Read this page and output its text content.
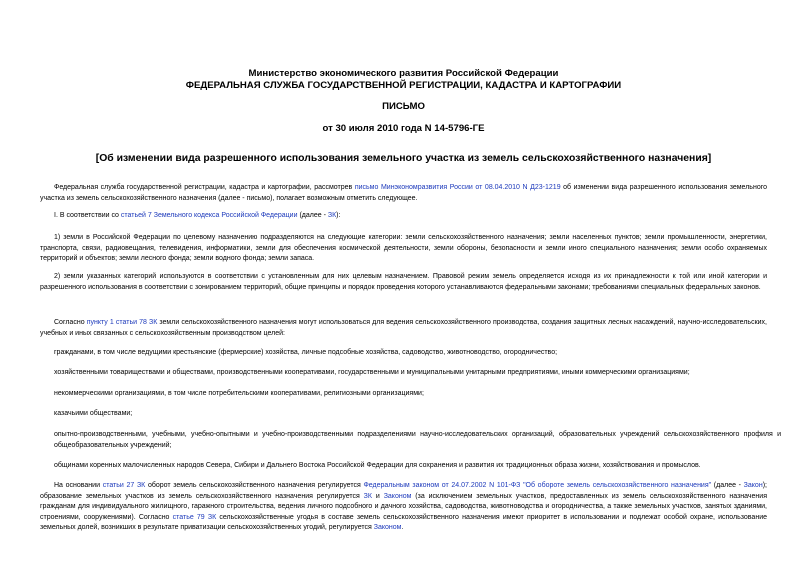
Министерство экономического развития Российской Федерации
ФЕДЕРАЛЬНАЯ СЛУЖБА ГОСУДАРСТВЕННОЙ РЕГИСТРАЦИИ, КАДАСТРА И КАРТОГРАФИИ
ПИСЬМО
от 30 июля 2010 года N 14-5796-ГЕ
[Об изменении вида разрешенного использования земельного участка из земель сельскохозяйственного назначения]
Федеральная служба государственной регистрации, кадастра и картографии, рассмотрев письмо Минэкономразвития России от 08.04.2010 N Д23-1219 об изменении вида разрешенного использования земельного участка из земель сельскохозяйственного назначения (далее - письмо), полагает возможным отметить следующее.
I. В соответствии со статьей 7 Земельного кодекса Российской Федерации (далее - ЗК):
1) земли в Российской Федерации по целевому назначению подразделяются на следующие категории: земли сельскохозяйственного назначения; земли населенных пунктов; земли промышленности, энергетики, транспорта, связи, радиовещания, телевидения, информатики, земли для обеспечения космической деятельности, земли обороны, безопасности и земли иного специального назначения; земли особо охраняемых территорий и объектов; земли лесного фонда; земли водного фонда; земли запаса.
2) земли указанных категорий используются в соответствии с установленным для них целевым назначением. Правовой режим земель определяется исходя из их принадлежности к той или иной категории и разрешенного использования в соответствии с зонированием территорий, общие принципы и порядок проведения которого устанавливаются федеральными законами; требованиями специальных федеральных законов.
Согласно пункту 1 статьи 78 ЗК земли сельскохозяйственного назначения могут использоваться для ведения сельскохозяйственного производства, создания защитных лесных насаждений, научно-исследовательских, учебных и иных связанных с сельскохозяйственным производством целей:
гражданами, в том числе ведущими крестьянские (фермерские) хозяйства, личные подсобные хозяйства, садоводство, животноводство, огородничество;
хозяйственными товариществами и обществами, производственными кооперативами, государственными и муниципальными унитарными предприятиями, иными коммерческими организациями;
некоммерческими организациями, в том числе потребительскими кооперативами, религиозными организациями;
казачьими обществами;
опытно-производственными, учебными, учебно-опытными и учебно-производственными подразделениями научно-исследовательских организаций, образовательных учреждений сельскохозяйственного профиля и общеобразовательных учреждений;
общинами коренных малочисленных народов Севера, Сибири и Дальнего Востока Российской Федерации для сохранения и развития их традиционных образа жизни, хозяйствования и промыслов.
На основании статьи 27 ЗК оборот земель сельскохозяйственного назначения регулируется Федеральным законом от 24.07.2002 N 101-ФЗ "Об обороте земель сельскохозяйственного назначения" (далее - Закон); образование земельных участков из земель сельскохозяйственного назначения регулируется ЗК и Законом (за исключением земельных участков, предоставленных из земель сельскохозяйственного назначения гражданам для индивидуального жилищного, гаражного строительства, ведения личного подсобного и дачного хозяйства, садоводства, животноводства и огородничества, а также земельных участков, занятых зданиями, строениями, сооружениями). Согласно статье 79 ЗК сельскохозяйственные угодья в составе земель сельскохозяйственного назначения имеют приоритет в использовании и подлежат особой охране, использование земельных долей, возникших в результате приватизации сельскохозяйственных угодий, регулируется Законом.
